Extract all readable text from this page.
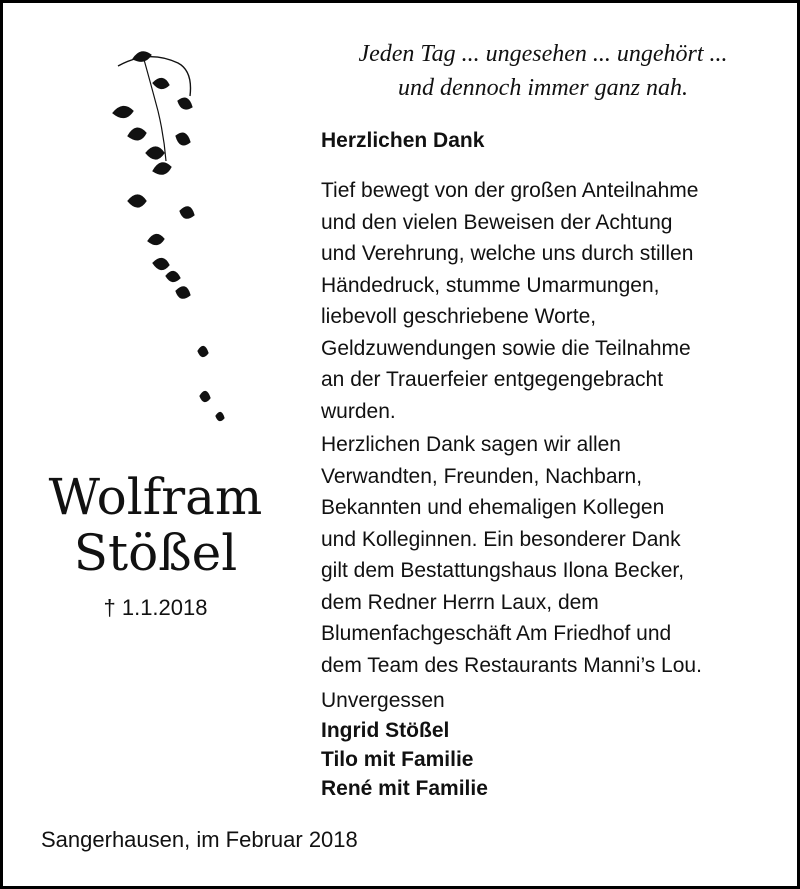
Jeden Tag ... ungesehen ... ungehört ...
und dennoch immer ganz nah.
Herzlichen Dank
Tief bewegt von der großen Anteilnahme
und den vielen Beweisen der Achtung
und Verehrung, welche uns durch stillen
Händedruck, stumme Umarmungen,
liebevoll geschriebene Worte,
Geldzuwendungen sowie die Teilnahme
an der Trauerfeier entgegengebracht
wurden.
Herzlichen Dank sagen wir allen
Verwandten, Freunden, Nachbarn,
Bekannten und ehemaligen Kollegen
und Kolleginnen. Ein besonderer Dank
gilt dem Bestattungshaus Ilona Becker,
dem Redner Herrn Laux, dem
Blumenfachgeschäft Am Friedhof und
dem Team des Restaurants Manni’s Lou.
Unvergessen
Ingrid Stößel
Tilo mit Familie
René mit Familie
Wolfram
Stößel
† 1.1.2018
Sangerhausen, im Februar 2018
